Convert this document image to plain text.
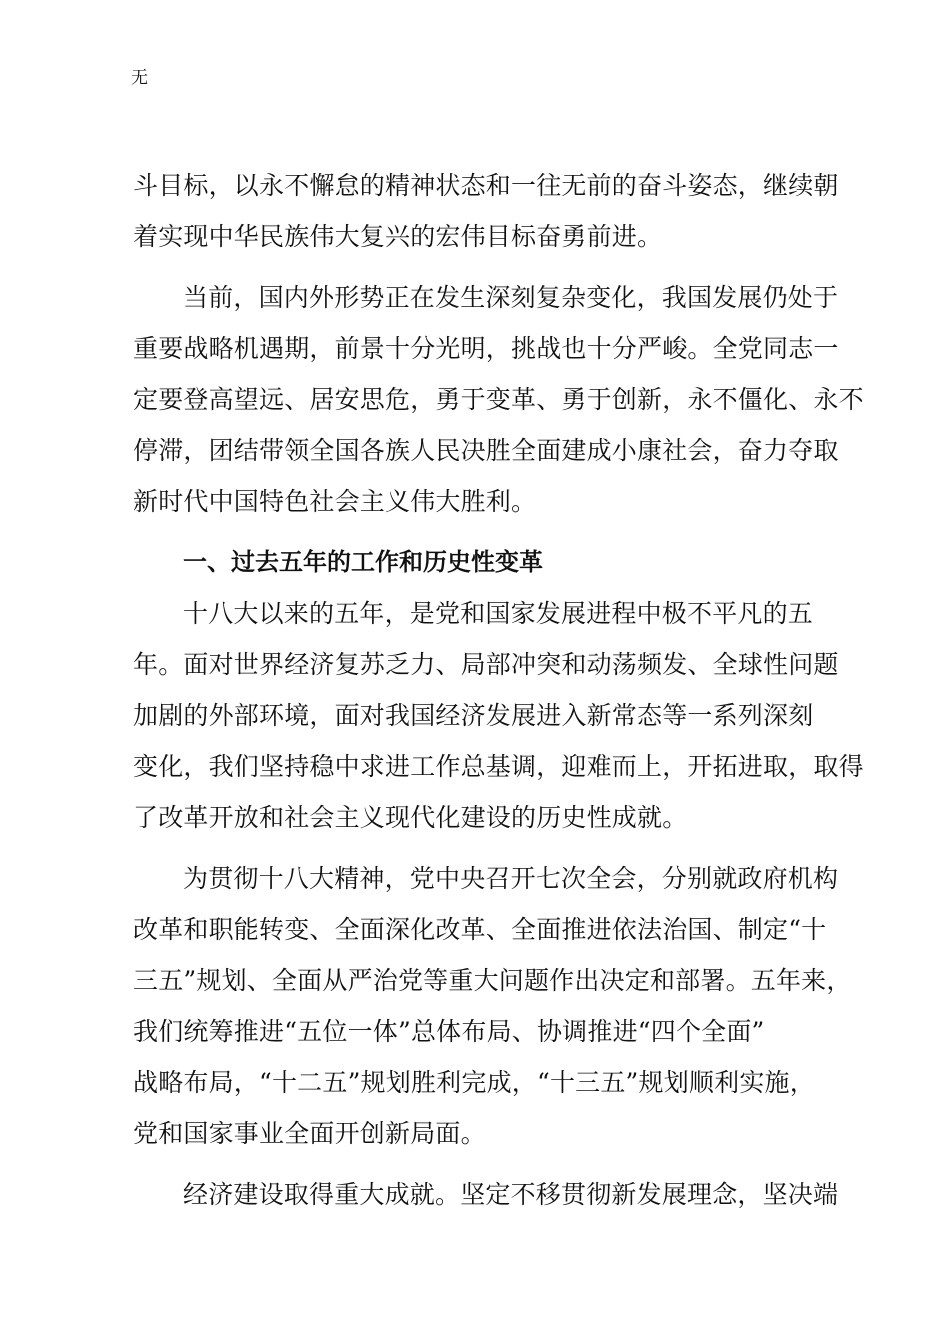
无

斗目标，以永不懈怠的精神状态和一往无前的奋斗姿态，继续朝
着实现中华民族伟大复兴的宏伟目标奋勇前进。

当前，国内外形势正在发生深刻复杂变化，我国发展仍处于
重要战略机遇期，前景十分光明，挑战也十分严峻。全党同志一
定要登高望远、居安思危，勇于变革、勇于创新，永不僵化、永不
停滞，团结带领全国各族人民决胜全面建成小康社会，奋力夺取
新时代中国特色社会主义伟大胜利。

一、过去五年的工作和历史性变革

十八大以来的五年，是党和国家发展进程中极不平凡的五
年。面对世界经济复苏乏力、局部冲突和动荡频发、全球性问题
加剧的外部环境，面对我国经济发展进入新常态等一系列深刻
变化，我们坚持稳中求进工作总基调，迎难而上，开拓进取，取得
了改革开放和社会主义现代化建设的历史性成就。

为贯彻十八大精神，党中央召开七次全会，分别就政府机构
改革和职能转变、全面深化改革、全面推进依法治国、制定“十
三五”规划、全面从严治党等重大问题作出决定和部署。五年来，
我们统筹推进“五位一体”总体布局、协调推进“四个全面”
战略布局，“十二五”规划胜利完成，“十三五”规划顺利实施，
党和国家事业全面开创新局面。

经济建设取得重大成就。坚定不移贯彻新发展理念，坚决端
